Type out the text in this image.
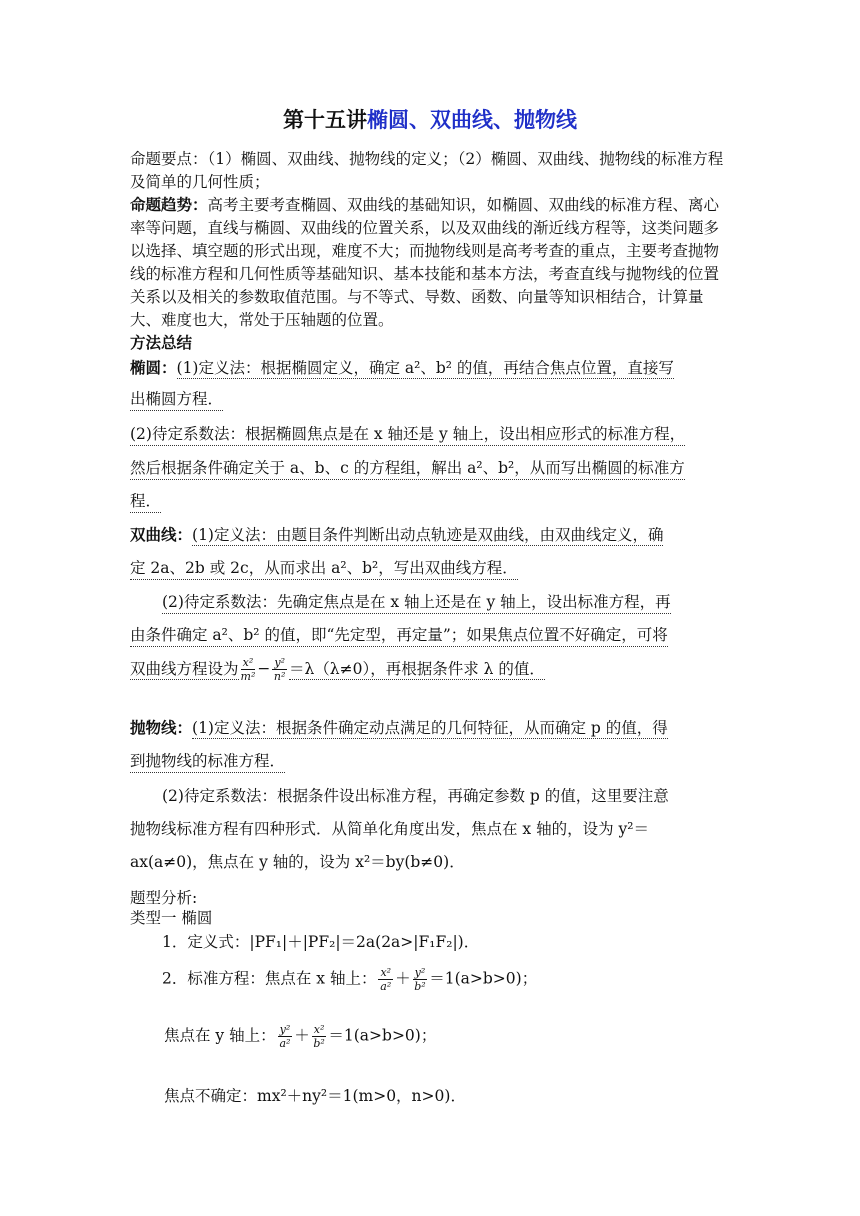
第十五讲椭圆、双曲线、抛物线
命题要点：（1）椭圆、双曲线、抛物线的定义；（2）椭圆、双曲线、抛物线的标准方程及简单的几何性质；
命题趋势：高考主要考查椭圆、双曲线的基础知识，如椭圆、双曲线的标准方程、离心率等问题，直线与椭圆、双曲线的位置关系，以及双曲线的渐近线方程等，这类问题多以选择、填空题的形式出现，难度不大；而抛物线则是高考考查的重点，主要考查抛物线的标准方程和几何性质等基础知识、基本技能和基本方法，考查直线与抛物线的位置关系以及相关的参数取值范围。与不等式、导数、函数、向量等知识相结合，计算量大、难度也大，常处于压轴题的位置。
方法总结
椭圆：(1)定义法：根据椭圆定义，确定 a²、b² 的值，再结合焦点位置，直接写
出椭圆方程．
(2)待定系数法：根据椭圆焦点是在 x 轴还是 y 轴上，设出相应形式的标准方程，
然后根据条件确定关于 a、b、c 的方程组，解出 a²、b²，从而写出椭圆的标准方
程．
双曲线：(1)定义法：由题目条件判断出动点轨迹是双曲线，由双曲线定义，确
定 2a、2b 或 2c，从而求出 a²、b²，写出双曲线方程．
(2)待定系数法：先确定焦点是在 x 轴上还是在 y 轴上，设出标准方程，再
由条件确定 a²、b² 的值，即“先定型，再定量”；如果焦点位置不好确定，可将
双曲线方程设为 $\frac{\text{x²}}{\text{m²}} - \frac{\text{y²}}{\text{n²}} =\lambda(\lambda\ne 0)$，再根据条件求 λ 的值．
抛物线：(1)定义法：根据条件确定动点满足的几何特征，从而确定 p 的值，得
到抛物线的标准方程．
(2)待定系数法：根据条件设出标准方程，再确定参数 p 的值，这里要注意
抛物线标准方程有四种形式．从简单化角度出发，焦点在 x 轴的，设为 y²＝
ax(a≠0)，焦点在 y 轴的，设为 x²＝by(b≠0)．
题型分析:
类型一 椭圆
1．定义式：|PF₁|＋|PF₂|＝2a(2a>|F₁F₂|)．
2．标准方程：焦点在 x 轴上： $\frac{\text{x²}}{\text{a²}} + \frac{\text{y²}}{\text{b²}} =1(a>b>0)$；
焦点在 y 轴上： $\frac{\text{y²}}{\text{a²}} + \frac{\text{x²}}{\text{b²}} =1(a>b>0)$；
焦点不确定：mx²＋ny²＝1(m>0，n>0)．
